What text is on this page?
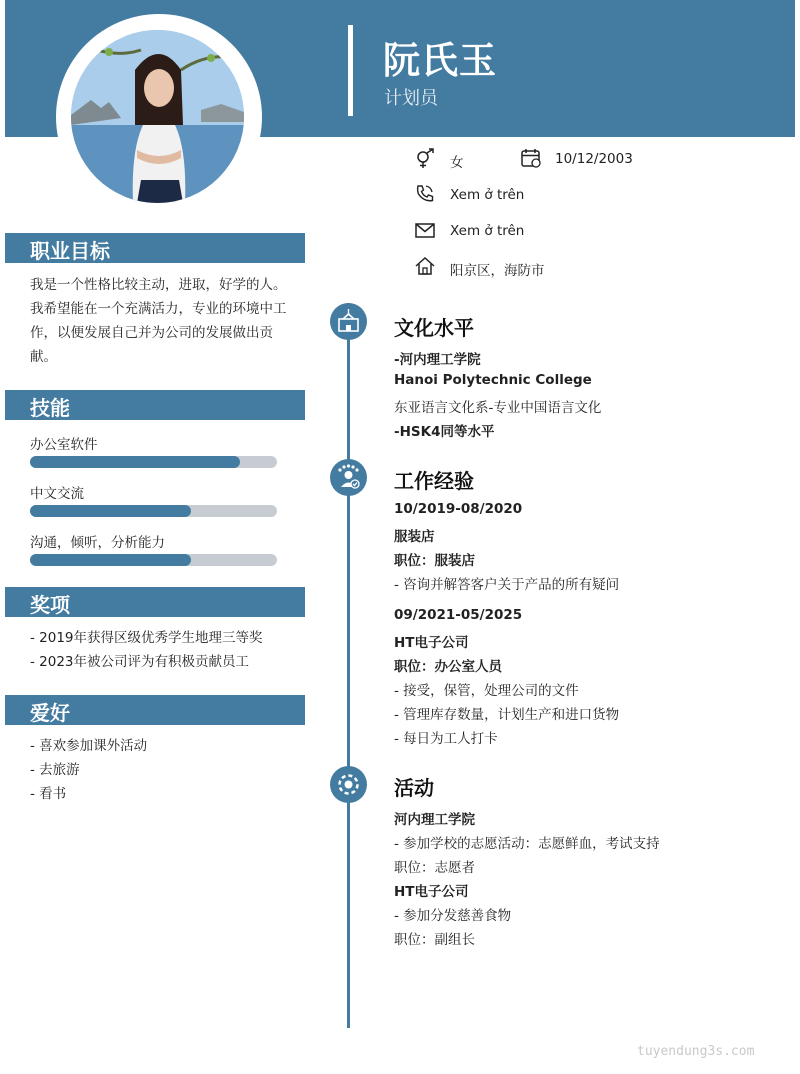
阮氏玉
计划员
女	10/12/2003
Xem ở trên
Xem ở trên
阳京区，海防市
职业目标
我是一个性格比较主动，进取，好学的人。
我希望能在一个充满活力，专业的环境中工
作，以便发展自己并为公司的发展做出贡
献。
技能
办公室软件
中文交流
沟通，倾听，分析能力
奖项
- 2019年获得区级优秀学生地理三等奖
- 2023年被公司评为有积极贡献员工
爱好
- 喜欢参加课外活动
- 去旅游
- 看书
文化水平
-河内理工学院
Hanoi Polytechnic College
东亚语言文化系-专业中国语言文化
-HSK4同等水平
工作经验
10/2019-08/2020
服装店
职位：服装店
- 咨询并解答客户关于产品的所有疑问
09/2021-05/2025
HT电子公司
职位：办公室人员
- 接受，保管，处理公司的文件
- 管理库存数量，计划生产和进口货物
- 每日为工人打卡
活动
河内理工学院
- 参加学校的志愿活动：志愿鲜血，考试支持
职位：志愿者
HT电子公司
- 参加分发慈善食物
职位：副组长
tuyendung3s.com
